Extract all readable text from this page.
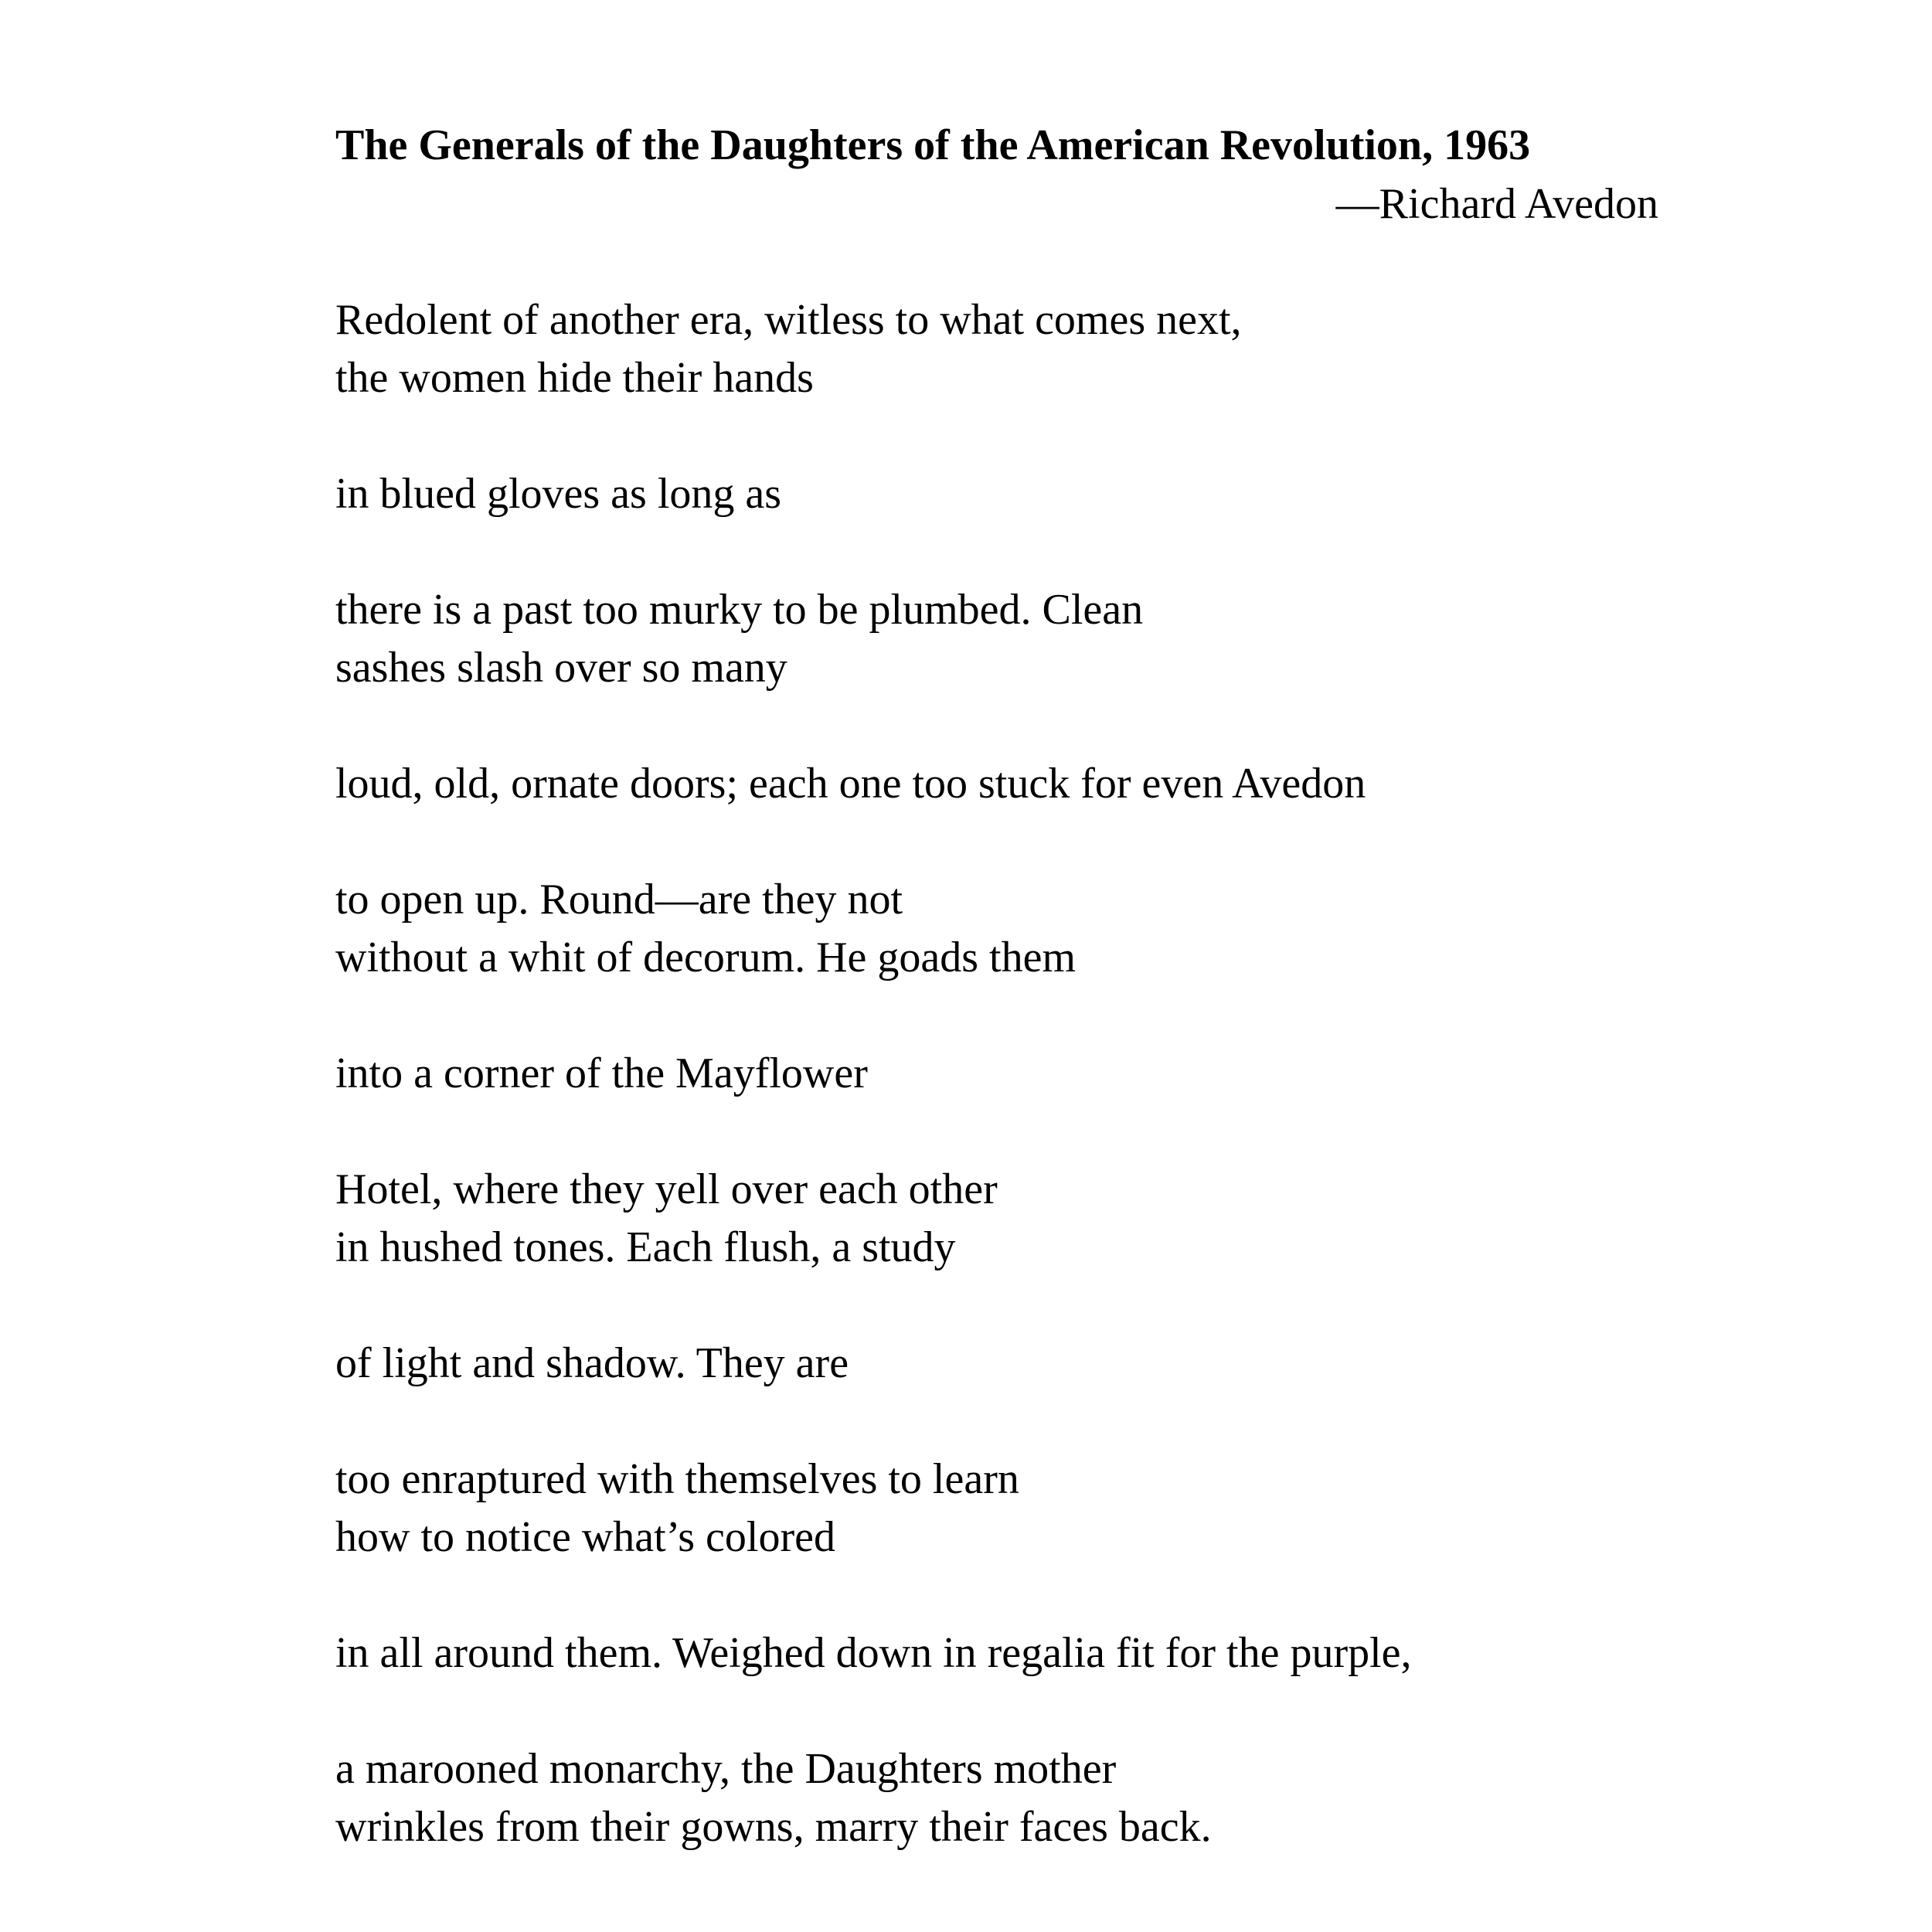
The Generals of the Daughters of the American Revolution, 1963

—Richard Avedon

Redolent of another era, witless to what comes next,
the women hide their hands
in blued gloves as long as
there is a past too murky to be plumbed. Clean
sashes slash over so many
loud, old, ornate doors; each one too stuck for even Avedon
to open up. Round—are they not
without a whit of decorum. He goads them
into a corner of the Mayflower
Hotel, where they yell over each other
in hushed tones. Each flush, a study
of light and shadow. They are
too enraptured with themselves to learn
how to notice what’s colored
in all around them. Weighed down in regalia fit for the purple,
a marooned monarchy, the Daughters mother
wrinkles from their gowns, marry their faces back.
